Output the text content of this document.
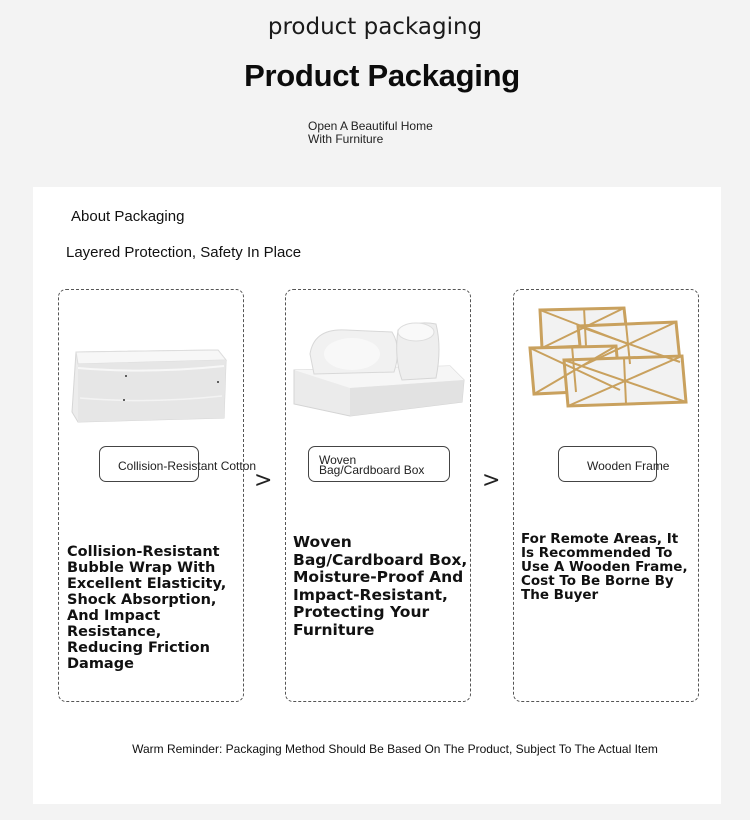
product packaging
Product Packaging
Open A Beautiful Home
With Furniture
About Packaging
Layered Protection, Safety In Place
Collision-Resistant Cotton
Collision-Resistant Bubble Wrap With Excellent Elasticity, Shock Absorption, And Impact Resistance, Reducing Friction Damage
>
Woven
Bag/Cardboard Box
Woven Bag/Cardboard Box, Moisture-Proof And Impact-Resistant, Protecting Your Furniture
>
Wooden Frame
For Remote Areas, It Is Recommended To Use A Wooden Frame, Cost To Be Borne By The Buyer
Warm Reminder: Packaging Method Should Be Based On The Product, Subject To The Actual Item
